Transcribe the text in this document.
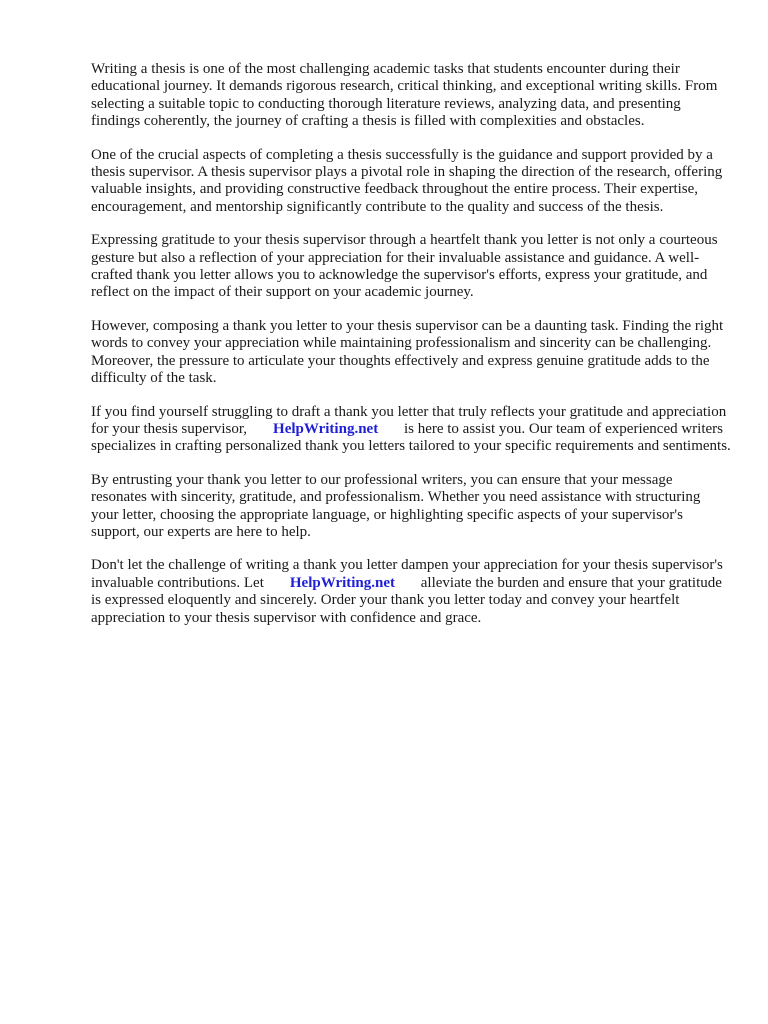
Writing a thesis is one of the most challenging academic tasks that students encounter during their educational journey. It demands rigorous research, critical thinking, and exceptional writing skills. From selecting a suitable topic to conducting thorough literature reviews, analyzing data, and presenting findings coherently, the journey of crafting a thesis is filled with complexities and obstacles.

One of the crucial aspects of completing a thesis successfully is the guidance and support provided by a thesis supervisor. A thesis supervisor plays a pivotal role in shaping the direction of the research, offering valuable insights, and providing constructive feedback throughout the entire process. Their expertise, encouragement, and mentorship significantly contribute to the quality and success of the thesis.

Expressing gratitude to your thesis supervisor through a heartfelt thank you letter is not only a courteous gesture but also a reflection of your appreciation for their invaluable assistance and guidance. A well-crafted thank you letter allows you to acknowledge the supervisor's efforts, express your gratitude, and reflect on the impact of their support on your academic journey.

However, composing a thank you letter to your thesis supervisor can be a daunting task. Finding the right words to convey your appreciation while maintaining professionalism and sincerity can be challenging. Moreover, the pressure to articulate your thoughts effectively and express genuine gratitude adds to the difficulty of the task.

If you find yourself struggling to draft a thank you letter that truly reflects your gratitude and appreciation for your thesis supervisor, HelpWriting.net is here to assist you. Our team of experienced writers specializes in crafting personalized thank you letters tailored to your specific requirements and sentiments.

By entrusting your thank you letter to our professional writers, you can ensure that your message resonates with sincerity, gratitude, and professionalism. Whether you need assistance with structuring your letter, choosing the appropriate language, or highlighting specific aspects of your supervisor's support, our experts are here to help.

Don't let the challenge of writing a thank you letter dampen your appreciation for your thesis supervisor's invaluable contributions. Let HelpWriting.net alleviate the burden and ensure that your gratitude is expressed eloquently and sincerely. Order your thank you letter today and convey your heartfelt appreciation to your thesis supervisor with confidence and grace.
